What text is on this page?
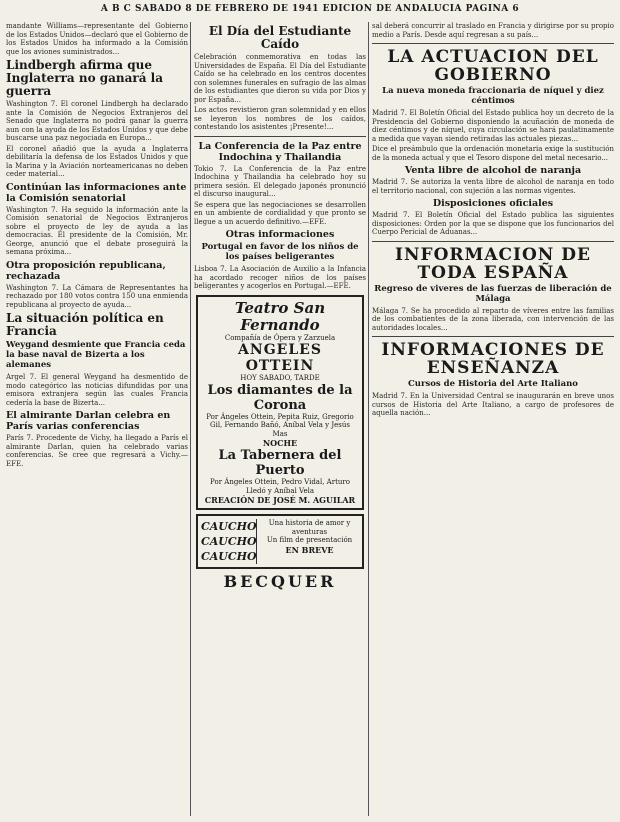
A B C SABADO 8 DE FEBRERO DE 1941 EDICION DE ANDALUCIA PAGINA 6

mandante Williams—representante del Gobierno de los Estados Unidos—declaró que el Gobierno de los Estados Unidos ha informado a la Comisión que los aviones suministrados...

Lindbergh afirma que Inglaterra no ganará la guerra

Washington 7. El coronel Lindbergh ha declarado ante la Comisión de Negocios Extranjeros del Senado que Inglaterra no podrá ganar la guerra aun con la ayuda de los Estados Unidos y que debe buscarse una paz negociada en Europa...

El coronel añadió que la ayuda a Inglaterra debilitaría la defensa de los Estados Unidos y que la Marina y la Aviación norteamericanas no deben ceder material...

Continúan las informaciones ante la Comisión senatorial

Washington 7. Ha seguido la información ante la Comisión senatorial de Negocios Extranjeros sobre el proyecto de ley de ayuda a las democracias. El presidente de la Comisión, Mr. George, anunció que el debate proseguirá la semana próxima...

Otra proposición republicana, rechazada

Washington 7. La Cámara de Representantes ha rechazado por 180 votos contra 150 una enmienda republicana al proyecto de ayuda...

La situación política en Francia
Weygand desmiente que Francia ceda la base naval de Bizerta a los alemanes

Argel 7. El general Weygand ha desmentido de modo categórico las noticias difundidas por una emisora extranjera según las cuales Francia cedería la base de Bizerta...

El almirante Darlan celebra en París varias conferencias

París 7. Procedente de Vichy, ha llegado a París el almirante Darlan, quien ha celebrado varias conferencias. Se cree que regresará a Vichy.—EFE.

El Día del Estudiante Caído

Celebración conmemorativa en todas las Universidades de España. El Día del Estudiante Caído se ha celebrado en los centros docentes con solemnes funerales en sufragio de las almas de los estudiantes que dieron su vida por Dios y por España...

Los actos revistieron gran solemnidad y en ellos se leyeron los nombres de los caídos, contestando los asistentes ¡Presente!...

La Conferencia de la Paz entre Indochina y Thailandia

Tokio 7. La Conferencia de la Paz entre Indochina y Thailandia ha celebrado hoy su primera sesión. El delegado japonés pronunció el discurso inaugural...

Se espera que las negociaciones se desarrollen en un ambiente de cordialidad y que pronto se llegue a un acuerdo definitivo.—EFE.

Otras informaciones
Portugal en favor de los niños de los países beligerantes

Lisboa 7. La Asociación de Auxilio a la Infancia ha acordado recoger niños de los países beligerantes y acogerlos en Portugal.—EFE.

Teatro San Fernando
Compañía de Ópera y Zarzuela
ANGELES OTTEIN
HOY SABADO, TARDE
Los diamantes de la Corona
Por Ángeles Ottein, Pepita Ruiz, Gregorio Gil, Fernando Bañó, Aníbal Vela y Jesús Mas
NOCHE
La Tabernera del Puerto
Por Ángeles Ottein, Pedro Vidal, Arturo Lledó y Aníbal Vela
CREACIÓN DE JOSÉ M. AGUILAR
CAUCHO
CAUCHO
CAUCHO
Una historia de amor y aventuras
Un film de presentación
EN BREVE
BECQUER

sal deberá concurrir al traslado en Francia y dirigirse por su propio medio a París. Desde aquí regresan a su país...

LA ACTUACION DEL GOBIERNO
La nueva moneda fraccionaria de níquel y diez céntimos

Madrid 7. El Boletín Oficial del Estado publica hoy un decreto de la Presidencia del Gobierno disponiendo la acuñación de moneda de diez céntimos y de níquel, cuya circulación se hará paulatinamente a medida que vayan siendo retiradas las actuales piezas...

Dice el preámbulo que la ordenación monetaria exige la sustitución de la moneda actual y que el Tesoro dispone del metal necesario...

Venta libre de alcohol de naranja

Madrid 7. Se autoriza la venta libre de alcohol de naranja en todo el territorio nacional, con sujeción a las normas vigentes.

Disposiciones oficiales

Madrid 7. El Boletín Oficial del Estado publica las siguientes disposiciones: Orden por la que se dispone que los funcionarios del Cuerpo Pericial de Aduanas...

INFORMACION DE TODA ESPAÑA
Regreso de viveres de las fuerzas de liberación de Málaga

Málaga 7. Se ha procedido al reparto de víveres entre las familias de los combatientes de la zona liberada, con intervención de las autoridades locales...

INFORMACIONES DE ENSEÑANZA
Cursos de Historia del Arte Italiano

Madrid 7. En la Universidad Central se inaugurarán en breve unos cursos de Historia del Arte Italiano, a cargo de profesores de aquella nación...
